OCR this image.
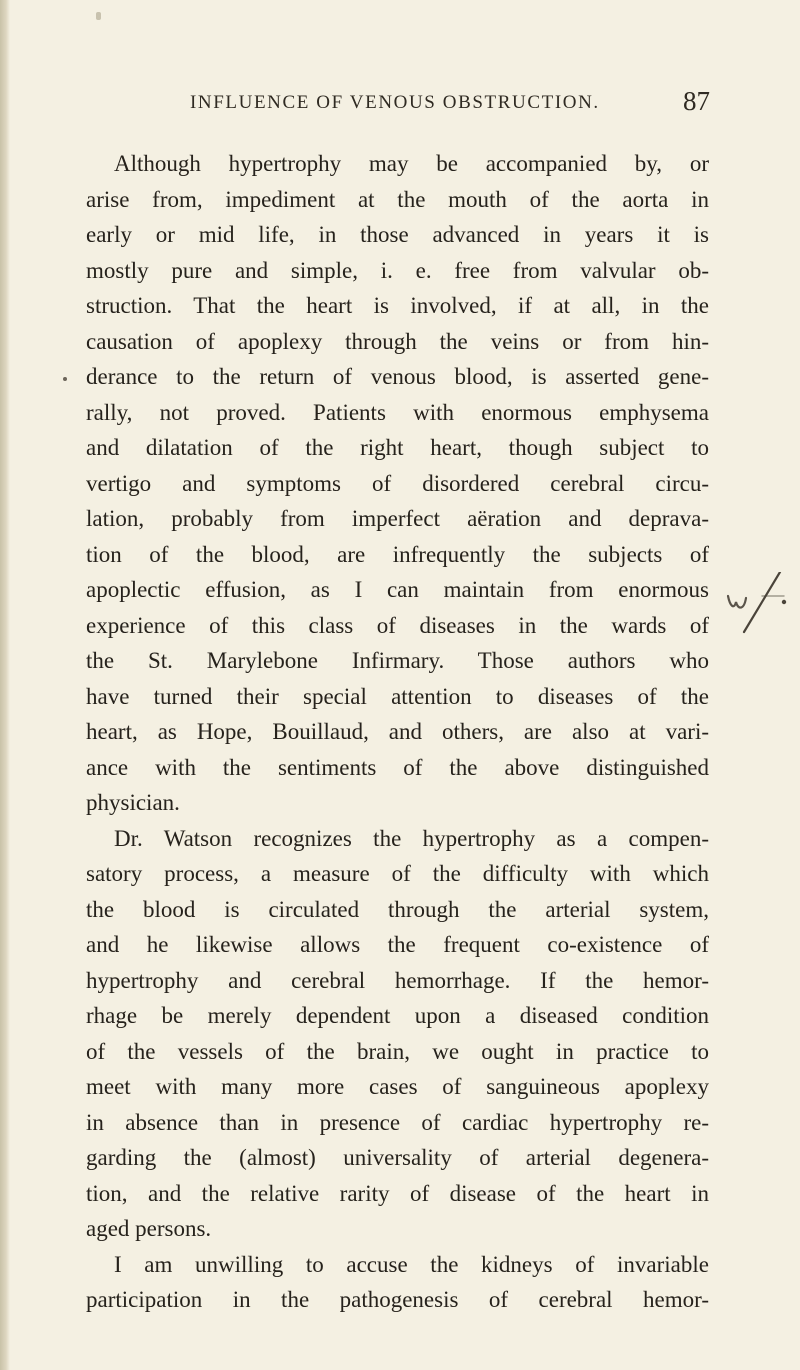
INFLUENCE OF VENOUS OBSTRUCTION.	87
Although hypertrophy may be accompanied by, or
arise from, impediment at the mouth of the aorta in
early or mid life, in those advanced in years it is
mostly pure and simple, i. e. free from valvular ob-
struction. That the heart is involved, if at all, in the
causation of apoplexy through the veins or from hin-
derance to the return of venous blood, is asserted gene-
rally, not proved. Patients with enormous emphysema
and dilatation of the right heart, though subject to
vertigo and symptoms of disordered cerebral circu-
lation, probably from imperfect aëration and deprava-
tion of the blood, are infrequently the subjects of
apoplectic effusion, as I can maintain from enormous
experience of this class of diseases in the wards of
the St. Marylebone Infirmary. Those authors who
have turned their special attention to diseases of the
heart, as Hope, Bouillaud, and others, are also at vari-
ance with the sentiments of the above distinguished
physician.
Dr. Watson recognizes the hypertrophy as a compen-
satory process, a measure of the difficulty with which
the blood is circulated through the arterial system,
and he likewise allows the frequent co-existence of
hypertrophy and cerebral hemorrhage. If the hemor-
rhage be merely dependent upon a diseased condition
of the vessels of the brain, we ought in practice to
meet with many more cases of sanguineous apoplexy
in absence than in presence of cardiac hypertrophy re-
garding the (almost) universality of arterial degenera-
tion, and the relative rarity of disease of the heart in
aged persons.
I am unwilling to accuse the kidneys of invariable
participation in the pathogenesis of cerebral hemor-
